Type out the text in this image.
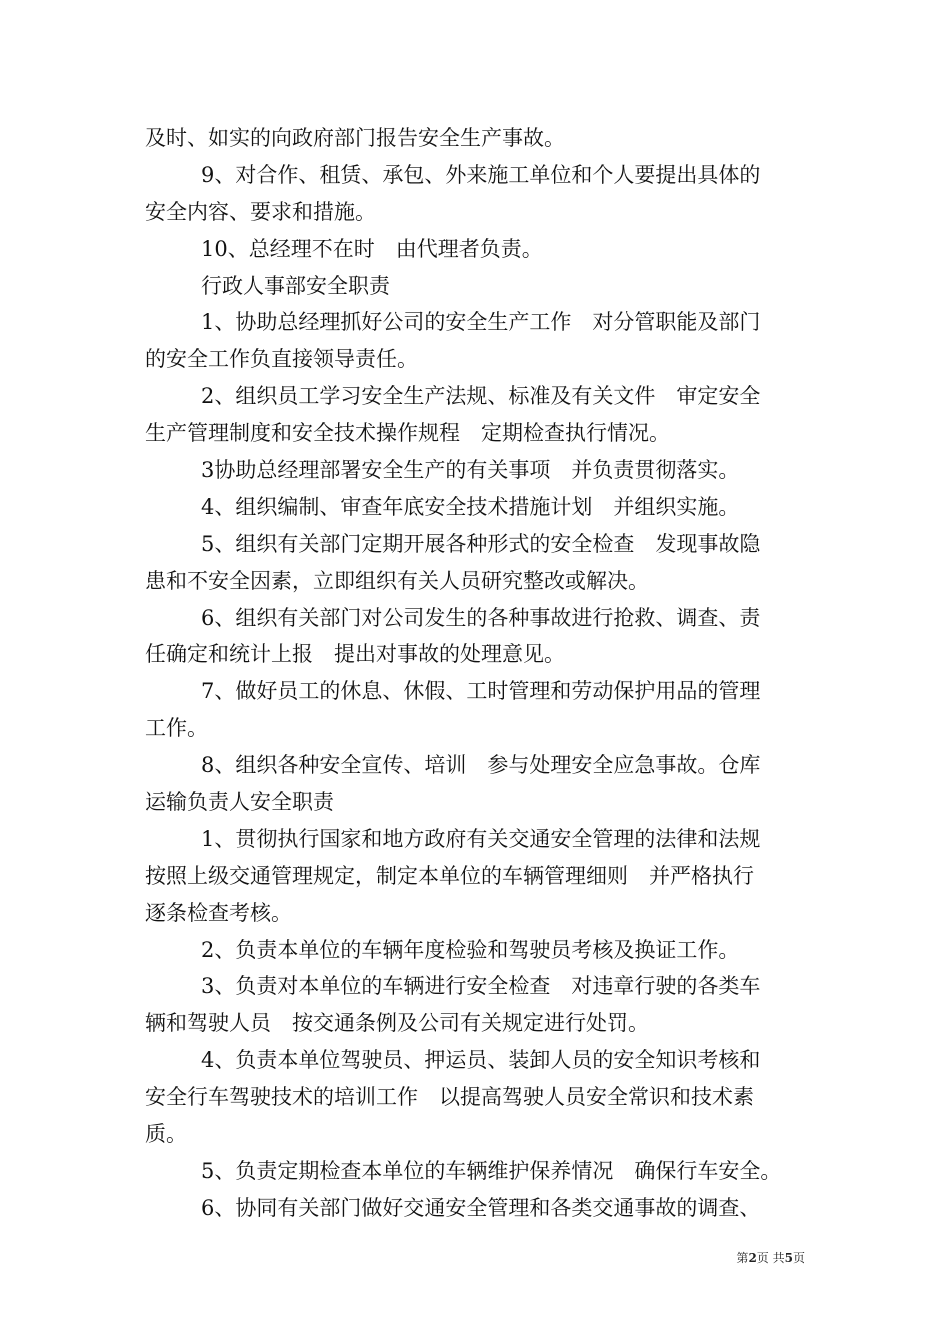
及时、如实的向政府部门报告安全生产事故。
9、对合作、租赁、承包、外来施工单位和个人要提出具体的
安全内容、要求和措施。
10、总经理不在时　由代理者负责。
行政人事部安全职责
1、协助总经理抓好公司的安全生产工作　对分管职能及部门
的安全工作负直接领导责任。
2、组织员工学习安全生产法规、标准及有关文件　审定安全
生产管理制度和安全技术操作规程　定期检查执行情况。
3协助总经理部署安全生产的有关事项　并负责贯彻落实。
4、组织编制、审查年底安全技术措施计划　并组织实施。
5、组织有关部门定期开展各种形式的安全检查　发现事故隐
患和不安全因素，立即组织有关人员研究整改或解决。
6、组织有关部门对公司发生的各种事故进行抢救、调查、责
任确定和统计上报　提出对事故的处理意见。
7、做好员工的休息、休假、工时管理和劳动保护用品的管理
工作。
8、组织各种安全宣传、培训　参与处理安全应急事故。仓库
运输负责人安全职责
1、贯彻执行国家和地方政府有关交通安全管理的法律和法规
按照上级交通管理规定，制定本单位的车辆管理细则　并严格执行
逐条检查考核。
2、负责本单位的车辆年度检验和驾驶员考核及换证工作。
3、负责对本单位的车辆进行安全检查　对违章行驶的各类车
辆和驾驶人员　按交通条例及公司有关规定进行处罚。
4、负责本单位驾驶员、押运员、装卸人员的安全知识考核和
安全行车驾驶技术的培训工作　以提高驾驶人员安全常识和技术素
质。
5、负责定期检查本单位的车辆维护保养情况　确保行车安全。
6、协同有关部门做好交通安全管理和各类交通事故的调查、
第2页 共5页
